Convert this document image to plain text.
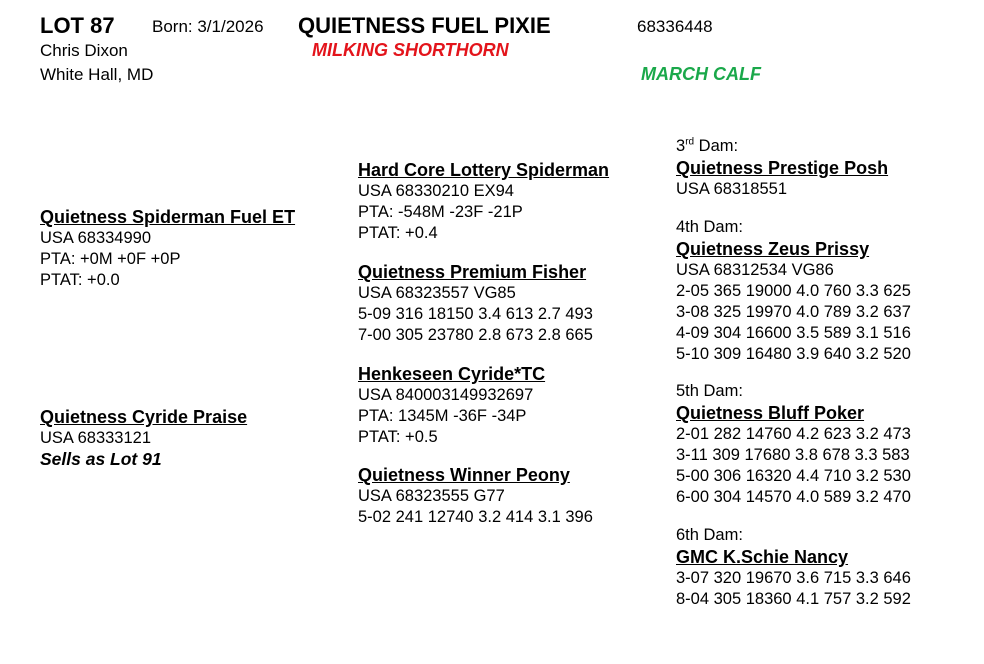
LOT 87 Born: 3/1/2026 QUIETNESS FUEL PIXIE	68336448
Chris Dixon	MILKING SHORTHORN
White Hall, MD	MARCH CALF
Quietness Spiderman Fuel ET
USA 68334990
PTA: +0M +0F +0P
PTAT: +0.0
Quietness Cyride Praise
USA 68333121
Sells as Lot 91
Hard Core Lottery Spiderman
USA 68330210 EX94
PTA: -548M -23F -21P
PTAT: +0.4
Quietness Premium Fisher
USA 68323557 VG85
5-09 316 18150 3.4 613 2.7 493
7-00 305 23780 2.8 673 2.8 665
Henkeseen Cyride*TC
USA 840003149932697
PTA: 1345M -36F -34P
PTAT: +0.5
Quietness Winner Peony
USA 68323555 G77
5-02 241 12740 3.2 414 3.1 396
3rd Dam:
Quietness Prestige Posh
USA 68318551
4th Dam:
Quietness Zeus Prissy
USA 68312534 VG86
2-05 365 19000 4.0 760 3.3 625
3-08 325 19970 4.0 789 3.2 637
4-09 304 16600 3.5 589 3.1 516
5-10 309 16480 3.9 640 3.2 520
5th Dam:
Quietness Bluff Poker
2-01 282 14760 4.2 623 3.2 473
3-11 309 17680 3.8 678 3.3 583
5-00 306 16320 4.4 710 3.2 530
6-00 304 14570 4.0 589 3.2 470
6th Dam:
GMC K.Schie Nancy
3-07 320 19670 3.6 715 3.3 646
8-04 305 18360 4.1 757 3.2 592
